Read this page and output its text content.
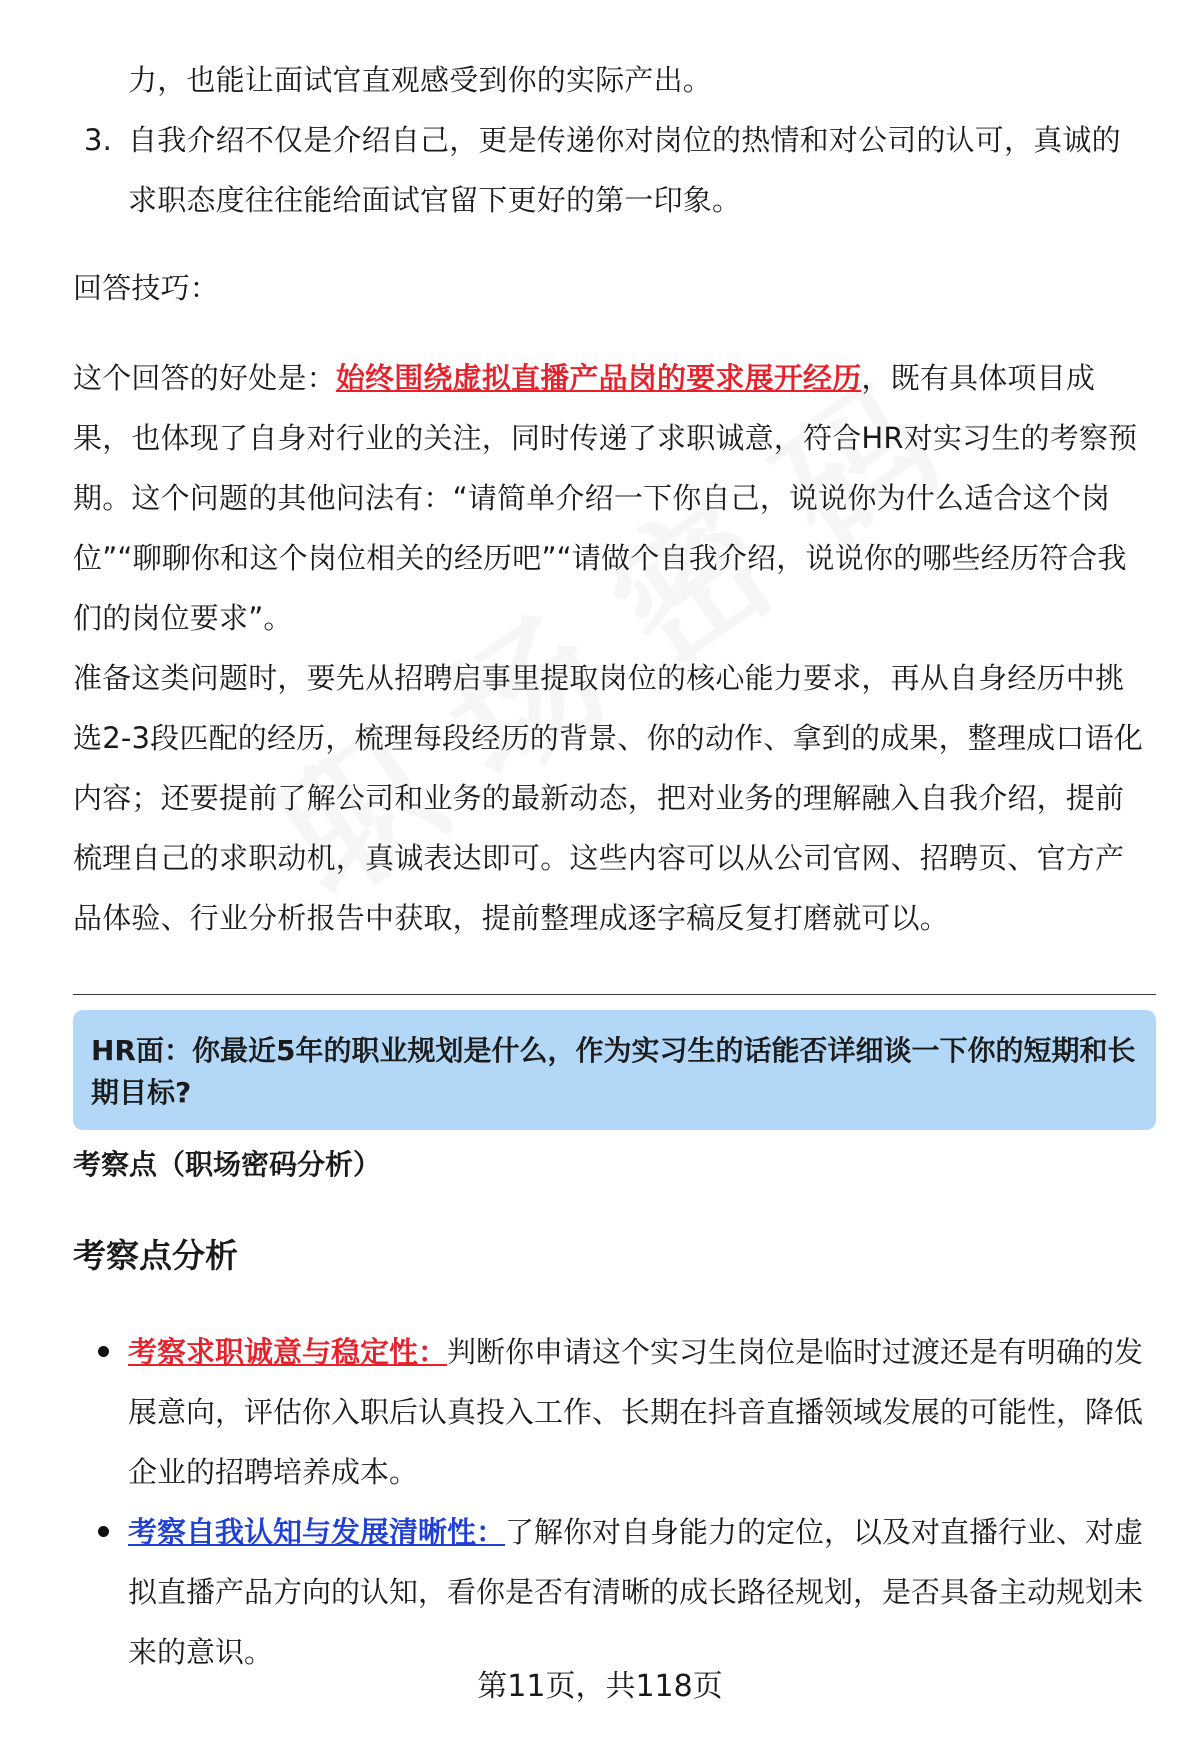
力，也能让面试官直观感受到你的实际产出。

3. 自我介绍不仅是介绍自己，更是传递你对岗位的热情和对公司的认可，真诚的求职态度往往能给面试官留下更好的第一印象。

回答技巧：

这个回答的好处是：始终围绕虚拟直播产品岗的要求展开经历，既有具体项目成果，也体现了自身对行业的关注，同时传递了求职诚意，符合HR对实习生的考察预期。这个问题的其他问法有：“请简单介绍一下你自己，说说你为什么适合这个岗位”“聊聊你和这个岗位相关的经历吧”“请做个自我介绍，说说你的哪些经历符合我们的岗位要求”。

准备这类问题时，要先从招聘启事里提取岗位的核心能力要求，再从自身经历中挑选2-3段匹配的经历，梳理每段经历的背景、你的动作、拿到的成果，整理成口语化内容；还要提前了解公司和业务的最新动态，把对业务的理解融入自我介绍，提前梳理自己的求职动机，真诚表达即可。这些内容可以从公司官网、招聘页、官方产品体验、行业分析报告中获取，提前整理成逐字稿反复打磨就可以。

HR面：你最近5年的职业规划是什么，作为实习生的话能否详细谈一下你的短期和长期目标?

考察点（职场密码分析）
考察点分析

考察求职诚意与稳定性：判断你申请这个实习生岗位是临时过渡还是有明确的发展意向，评估你入职后认真投入工作、长期在抖音直播领域发展的可能性，降低企业的招聘培养成本。

考察自我认知与发展清晰性：了解你对自身能力的定位，以及对直播行业、对虚拟直播产品方向的认知，看你是否有清晰的成长路径规划，是否具备主动规划未来的意识。

第11页，共118页
